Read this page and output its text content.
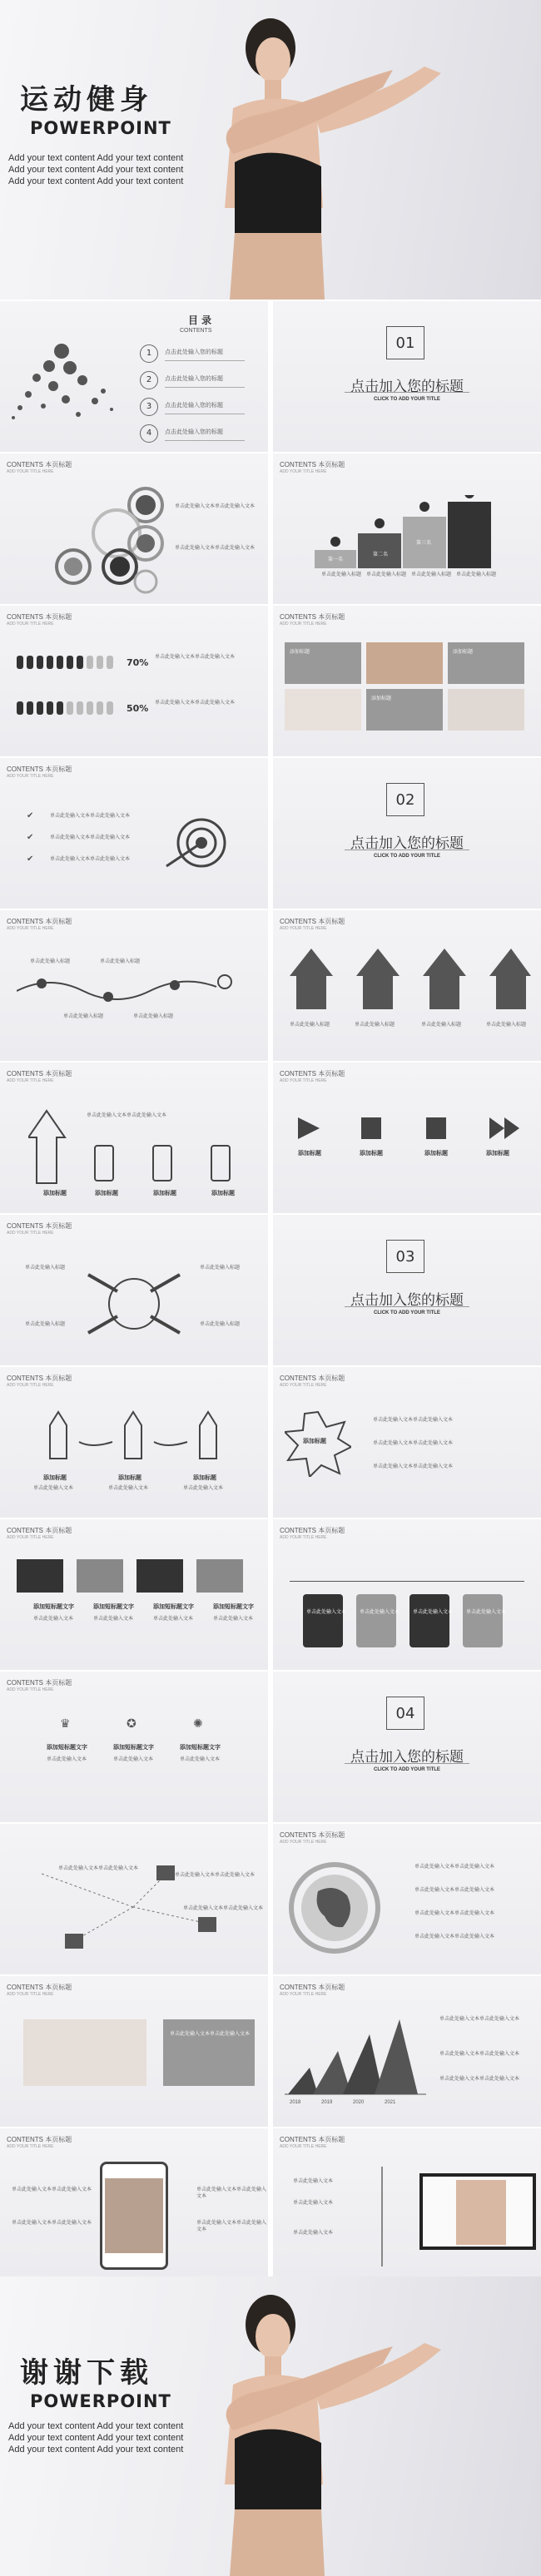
运动健身
POWERPOINT
Add your text content Add your text content
Add your text content Add your text content
Add your text content Add your text content
目 录
CONTENTS
1	点击此处输入您的标题
2	点击此处输入您的标题
3	点击此处输入您的标题
4	点击此处输入您的标题
01
点击加入您的标题
CLICK TO ADD YOUR TITLE
CONTENTS 本页标题
ADD YOUR TITLE HERE
单击此处输入文本单击此处输入文本
单击此处输入文本单击此处输入文本
CONTENTS 本页标题
ADD YOUR TITLE HERE
第一名
第二名
第三名
单击此处输入标题 单击此处输入标题 单击此处输入标题 单击此处输入标题
CONTENTS 本页标题
ADD YOUR TITLE HERE
70%
50%
单击此处输入文本单击此处输入文本
单击此处输入文本单击此处输入文本
CONTENTS 本页标题
ADD YOUR TITLE HERE
添加标题	添加标题
添加标题
CONTENTS 本页标题
ADD YOUR TITLE HERE
✔
✔
✔
单击此处输入文本单击此处输入文本
单击此处输入文本单击此处输入文本
单击此处输入文本单击此处输入文本
02
点击加入您的标题
CLICK TO ADD YOUR TITLE
CONTENTS 本页标题
ADD YOUR TITLE HERE
单击此处输入标题	单击此处输入标题
单击此处输入标题	单击此处输入标题
CONTENTS 本页标题
ADD YOUR TITLE HERE
单击此处输入标题	单击此处输入标题	单击此处输入标题	单击此处输入标题
CONTENTS 本页标题
ADD YOUR TITLE HERE
单击此处输入文本单击此处输入文本
添加标题	添加标题	添加标题	添加标题
CONTENTS 本页标题
ADD YOUR TITLE HERE
添加标题	添加标题	添加标题	添加标题
CONTENTS 本页标题
ADD YOUR TITLE HERE
单击此处输入标题	单击此处输入标题
单击此处输入标题	单击此处输入标题
03
点击加入您的标题
CLICK TO ADD YOUR TITLE
CONTENTS 本页标题
ADD YOUR TITLE HERE
添加标题	添加标题	添加标题
单击此处输入文本	单击此处输入文本	单击此处输入文本
CONTENTS 本页标题
ADD YOUR TITLE HERE
添加标题
单击此处输入文本单击此处输入文本
单击此处输入文本单击此处输入文本
单击此处输入文本单击此处输入文本
CONTENTS 本页标题
ADD YOUR TITLE HERE
添加短标题文字	添加短标题文字	添加短标题文字	添加短标题文字
单击此处输入文本	单击此处输入文本	单击此处输入文本	单击此处输入文本
CONTENTS 本页标题
ADD YOUR TITLE HERE
单击此处输入文本	单击此处输入文本	单击此处输入文本	单击此处输入文本
CONTENTS 本页标题
ADD YOUR TITLE HERE
♛	✪	✺
添加短标题文字	添加短标题文字	添加短标题文字
单击此处输入文本	单击此处输入文本	单击此处输入文本
04
点击加入您的标题
CLICK TO ADD YOUR TITLE
单击此处输入文本单击此处输入文本
单击此处输入文本单击此处输入文本
单击此处输入文本单击此处输入文本
CONTENTS 本页标题
ADD YOUR TITLE HERE
单击此处输入文本单击此处输入文本
单击此处输入文本单击此处输入文本
单击此处输入文本单击此处输入文本
单击此处输入文本单击此处输入文本
CONTENTS 本页标题
ADD YOUR TITLE HERE
单击此处输入文本单击此处输入文本
CONTENTS 本页标题
ADD YOUR TITLE HERE
2018	2019	2020	2021
单击此处输入文本单击此处输入文本
单击此处输入文本单击此处输入文本
单击此处输入文本单击此处输入文本
CONTENTS 本页标题
ADD YOUR TITLE HERE
单击此处输入文本单击此处输入文本
单击此处输入文本单击此处输入文本
单击此处输入文本单击此处输入文本
单击此处输入文本单击此处输入文本
CONTENTS 本页标题
ADD YOUR TITLE HERE
单击此处输入文本
单击此处输入文本
单击此处输入文本
谢谢下载
POWERPOINT
Add your text content Add your text content
Add your text content Add your text content
Add your text content Add your text content
